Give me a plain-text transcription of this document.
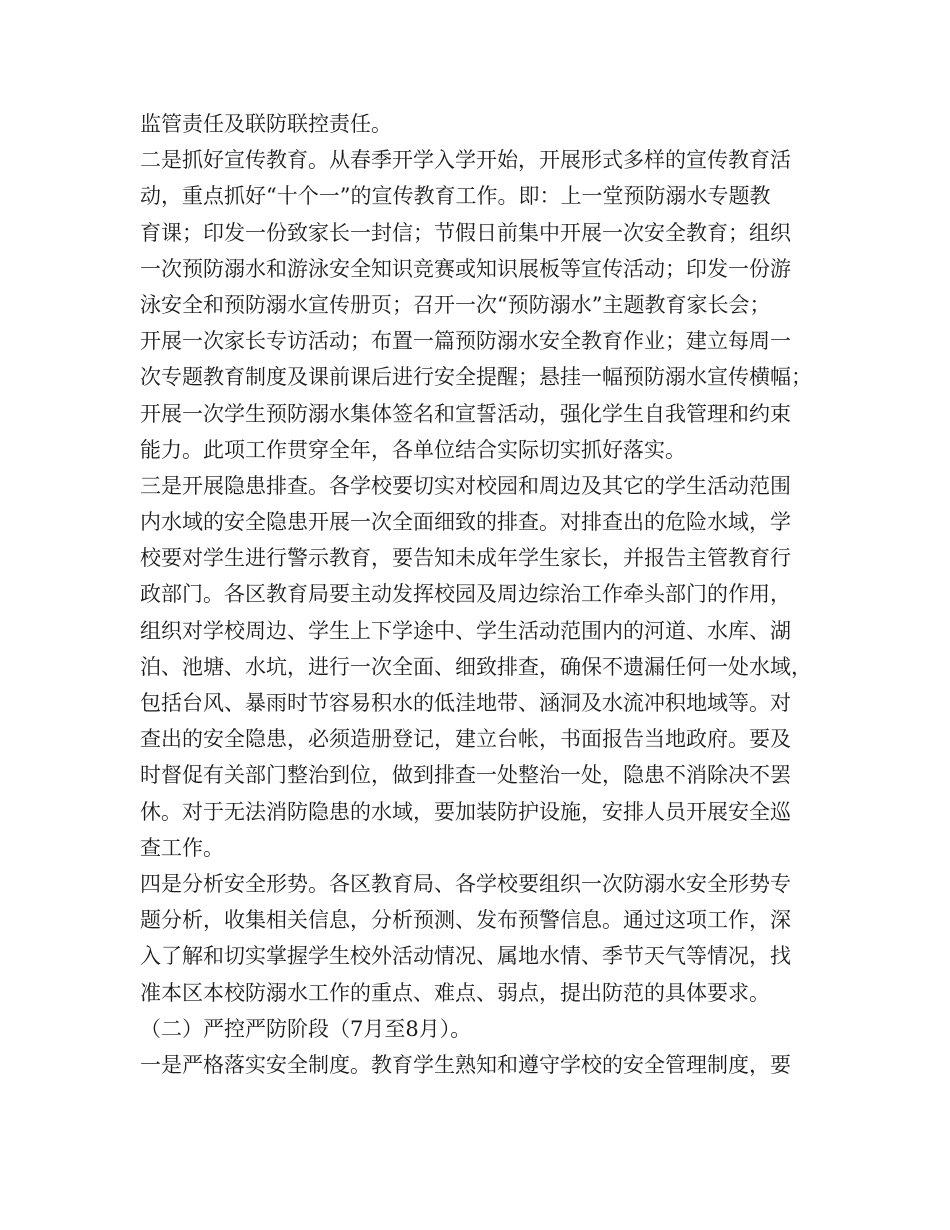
监管责任及联防联控责任。
二是抓好宣传教育。从春季开学入学开始，开展形式多样的宣传教育活
动，重点抓好“十个一”的宣传教育工作。即：上一堂预防溺水专题教
育课；印发一份致家长一封信；节假日前集中开展一次安全教育；组织
一次预防溺水和游泳安全知识竞赛或知识展板等宣传活动；印发一份游
泳安全和预防溺水宣传册页；召开一次“预防溺水”主题教育家长会；
开展一次家长专访活动；布置一篇预防溺水安全教育作业；建立每周一
次专题教育制度及课前课后进行安全提醒；悬挂一幅预防溺水宣传横幅；
开展一次学生预防溺水集体签名和宣誓活动，强化学生自我管理和约束
能力。此项工作贯穿全年，各单位结合实际切实抓好落实。
三是开展隐患排查。各学校要切实对校园和周边及其它的学生活动范围
内水域的安全隐患开展一次全面细致的排查。对排查出的危险水域，学
校要对学生进行警示教育，要告知未成年学生家长，并报告主管教育行
政部门。各区教育局要主动发挥校园及周边综治工作牵头部门的作用，
组织对学校周边、学生上下学途中、学生活动范围内的河道、水库、湖
泊、池塘、水坑，进行一次全面、细致排查，确保不遗漏任何一处水域，
包括台风、暴雨时节容易积水的低洼地带、涵洞及水流冲积地域等。对
查出的安全隐患，必须造册登记，建立台帐，书面报告当地政府。要及
时督促有关部门整治到位，做到排查一处整治一处，隐患不消除决不罢
休。对于无法消防隐患的水域，要加装防护设施，安排人员开展安全巡
查工作。
四是分析安全形势。各区教育局、各学校要组织一次防溺水安全形势专
题分析，收集相关信息，分析预测、发布预警信息。通过这项工作，深
入了解和切实掌握学生校外活动情况、属地水情、季节天气等情况，找
准本区本校防溺水工作的重点、难点、弱点，提出防范的具体要求。
（二）严控严防阶段（7月至8月）。
一是严格落实安全制度。教育学生熟知和遵守学校的安全管理制度，要
